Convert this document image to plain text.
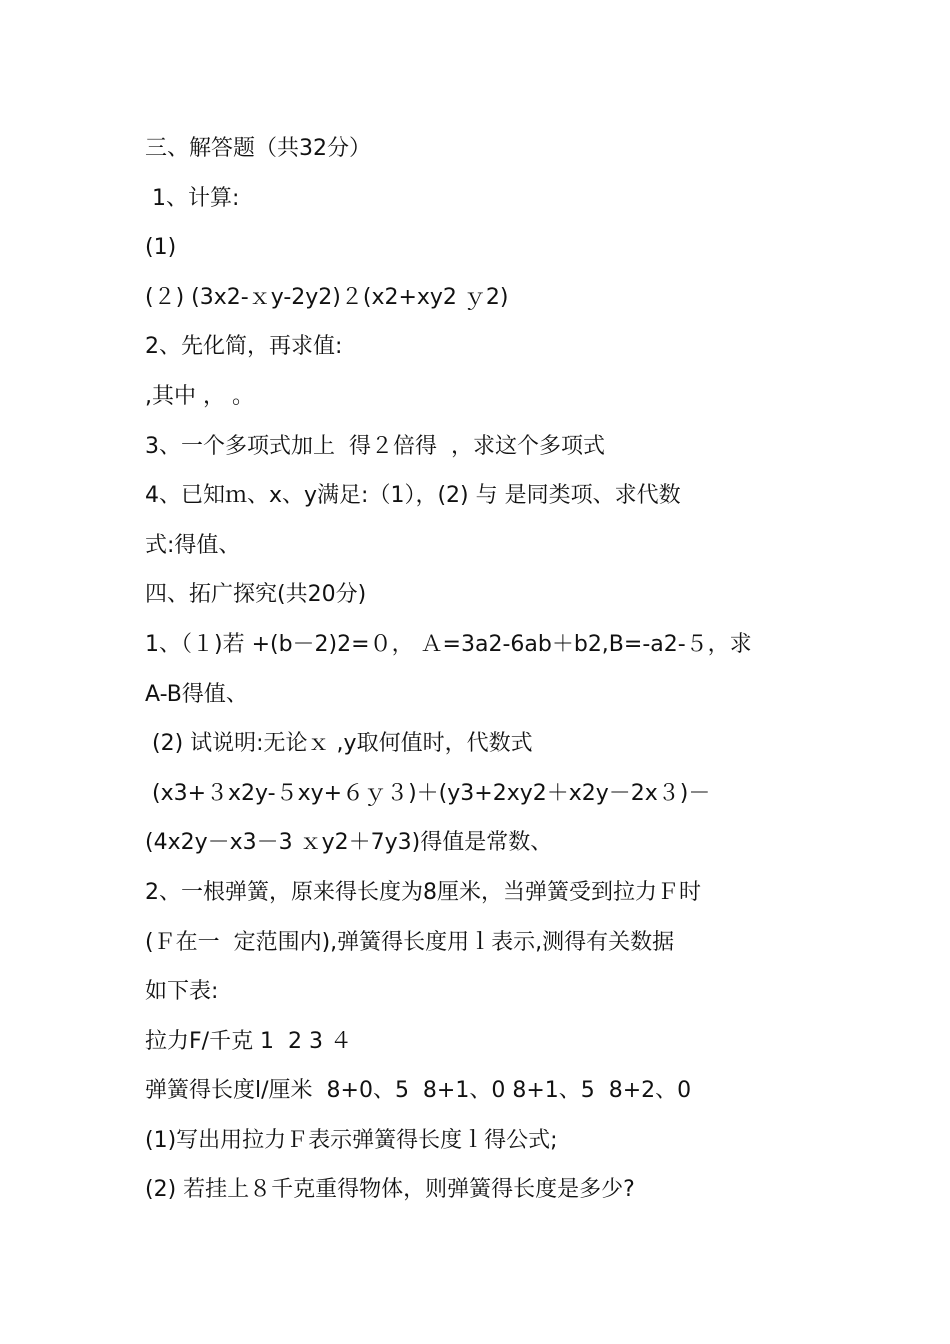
三、解答题（共32分）
1、计算:
(1)
(２) (3x2-ｘy-2y2)２(x2+xy2 ｙ2)
2、先化简，再求值:
,其中 ， 。
3、一个多项式加上  得２倍得  ，求这个多项式
4、已知ｍ、x、y满足:（1），(2) 与 是同类项、求代数
式:得值、
四、拓广探究(共20分)
1、（１)若 +(b－2)2=０， Ａ=3a2-6ab＋b2,B=-a2-５，求
A-B得值、
(2) 试说明:无论ｘ ,y取何值时，代数式
(x3+３x2y-５xy+６ｙ３)＋(y3+2xy2＋x2y－2x３)－
(4x2y－x3－3 ｘy2＋7y3)得值是常数、
2、一根弹簧，原来得长度为8厘米，当弹簧受到拉力Ｆ时
(Ｆ在一  定范围内),弹簧得长度用ｌ表示,测得有关数据
如下表:
拉力F/千克 1  2 3 ４
弹簧得长度l/厘米  8+0、5  8+1、0 8+1、5  8+2、0
(1)写出用拉力Ｆ表示弹簧得长度ｌ得公式;
(2) 若挂上８千克重得物体，则弹簧得长度是多少?
